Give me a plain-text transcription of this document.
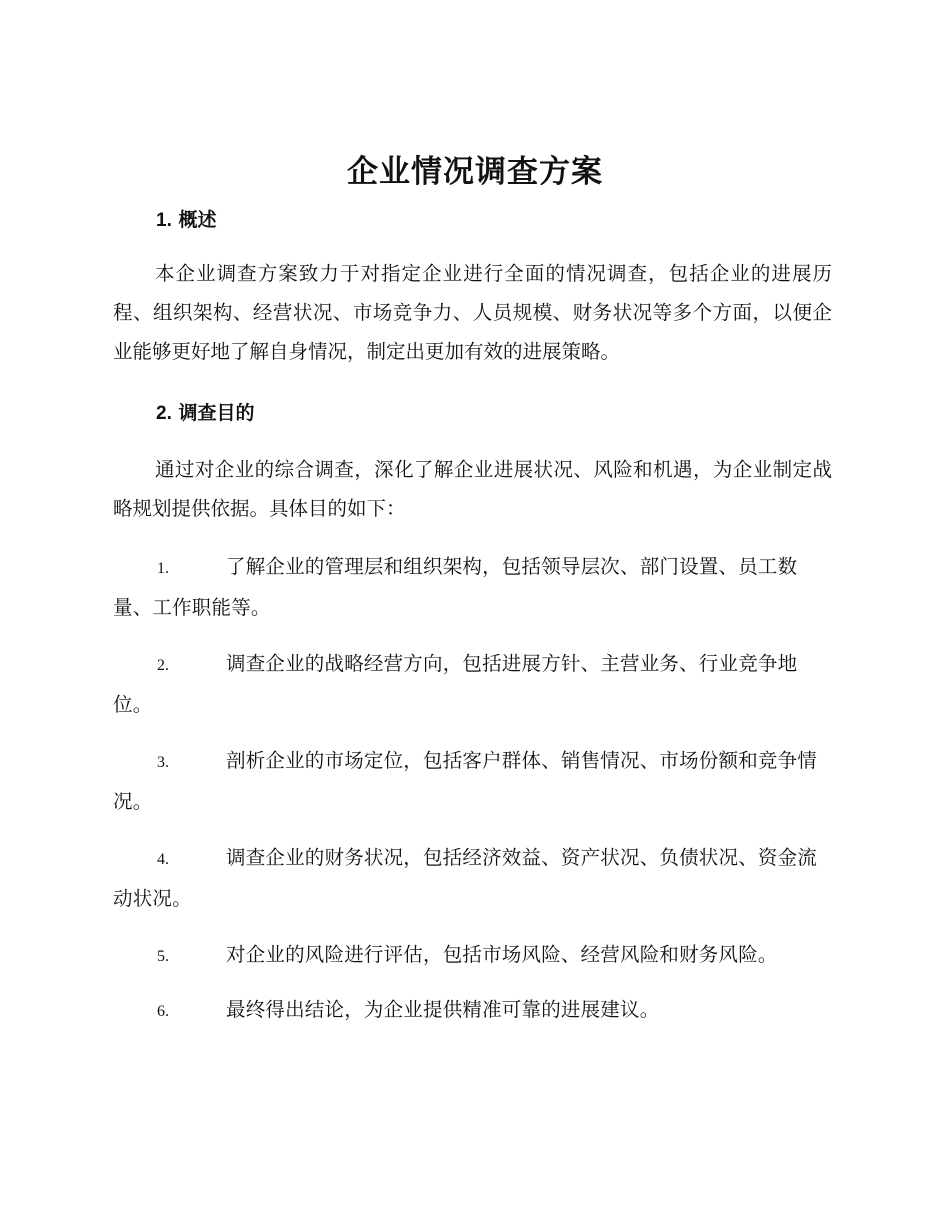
企业情况调查方案
1. 概述

本企业调查方案致力于对指定企业进行全面的情况调查，包括企业的进展历程、组织架构、经营状况、市场竞争力、人员规模、财务状况等多个方面，以便企业能够更好地了解自身情况，制定出更加有效的进展策略。

2. 调查目的

通过对企业的综合调查，深化了解企业进展状况、风险和机遇，为企业制定战略规划提供依据。具体目的如下：

1.	了解企业的管理层和组织架构，包括领导层次、部门设置、员工数量、工作职能等。

2.	调查企业的战略经营方向，包括进展方针、主营业务、行业竞争地位。

3.	剖析企业的市场定位，包括客户群体、销售情况、市场份额和竞争情况。

4.	调查企业的财务状况，包括经济效益、资产状况、负债状况、资金流动状况。

5.	对企业的风险进行评估，包括市场风险、经营风险和财务风险。

6.	最终得出结论，为企业提供精准可靠的进展建议。
